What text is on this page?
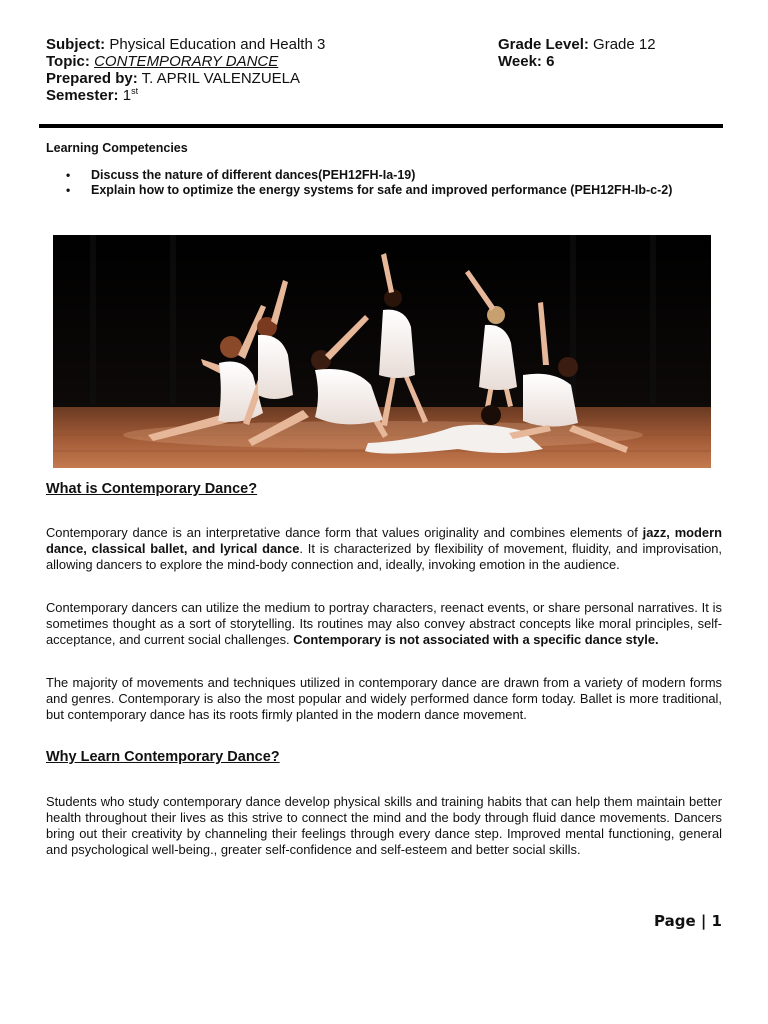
Subject: Physical Education and Health 3
Topic: CONTEMPORARY DANCE
Prepared by: T. APRIL VALENZUELA
Semester: 1st
Grade Level: Grade 12
Week: 6
Learning Competencies
• Discuss the nature of different dances(PEH12FH-Ia-19)
• Explain how to optimize the energy systems for safe and improved performance (PEH12FH-Ib-c-2)
What is Contemporary Dance?

Contemporary dance is an interpretative dance form that values originality and combines elements of jazz, modern dance, classical ballet, and lyrical dance. It is characterized by flexibility of movement, fluidity, and improvisation, allowing dancers to explore the mind-body connection and, ideally, invoking emotion in the audience.

Contemporary dancers can utilize the medium to portray characters, reenact events, or share personal narratives. It is sometimes thought as a sort of storytelling. Its routines may also convey abstract concepts like moral principles, self-acceptance, and current social challenges. Contemporary is not associated with a specific dance style.

The majority of movements and techniques utilized in contemporary dance are drawn from a variety of modern forms and genres. Contemporary is also the most popular and widely performed dance form today. Ballet is more traditional, but contemporary dance has its roots firmly planted in the modern dance movement.

Why Learn Contemporary Dance?

Students who study contemporary dance develop physical skills and training habits that can help them maintain better health throughout their lives as this strive to connect the mind and the body through fluid dance movements. Dancers bring out their creativity by channeling their feelings through every dance step. Improved mental functioning, general and psychological well-being., greater self-confidence and self-esteem and better social skills.

Page | 1
